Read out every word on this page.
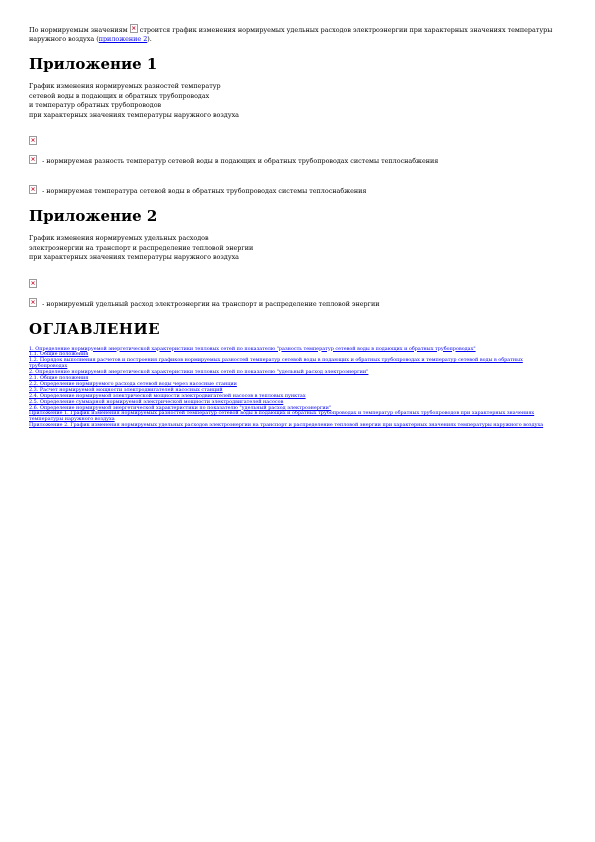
По нормируемым значениям × строится график изменения нормируемых удельных расходов электроэнергии при характерных значениях температуры наружного воздуха (приложение 2).

Приложение 1

График изменения нормируемых разностей температур

сетевой воды в подающих и обратных трубопроводах

и температур обратных трубопроводов

при характерных значениях температуры наружного воздуха

×
×
- нормируемая разность температур сетевой воды в подающих и обратных трубопроводах системы теплоснабжения

×
- нормируемая температура сетевой воды в обратных трубопроводах системы теплоснабжения

Приложение 2

График изменения нормируемых удельных расходов

электроэнергии на транспорт и распределение тепловой энергии

при характерных значениях температуры наружного воздуха

×
×
- нормируемый удельный расход электроэнергии на транспорт и распределение тепловой энергии

ОГЛАВЛЕНИЕ
1. Определение нормируемой энергетической характеристики тепловых сетей по показателю "разность температур сетевой воды в подающих и обратных трубопроводах"
1.1. Общие положения
1.2. Порядок выполнения расчетов и построения графиков нормируемых разностей температур сетевой воды в подающих и обратных трубопроводах и температур сетевой воды в обратных трубопроводах
2. Определение нормируемой энергетической характеристики тепловых сетей по показателю "удельный расход электроэнергии"
2.1. Общие положения
2.2. Определение нормируемого расхода сетевой воды через насосные станции
2.3. Расчет нормируемой мощности электродвигателей насосных станций
2.4. Определение нормируемой электрической мощности электродвигателей насосов в тепловых пунктах
2.5. Определение суммарной нормируемой электрической мощности электродвигателей насосов
2.6. Определение нормируемой энергетической характеристики по показателю "удельный расход электроэнергии"
Приложение 1. График изменения нормируемых разностей температур сетевой воды в подающих и обратных трубопроводах и температур обратных трубопроводов при характерных значениях температуры наружного воздуха
Приложение 2. График изменения нормируемых удельных расходов электроэнергии на транспорт и распределение тепловой энергии при характерных значениях температуры наружного воздуха
